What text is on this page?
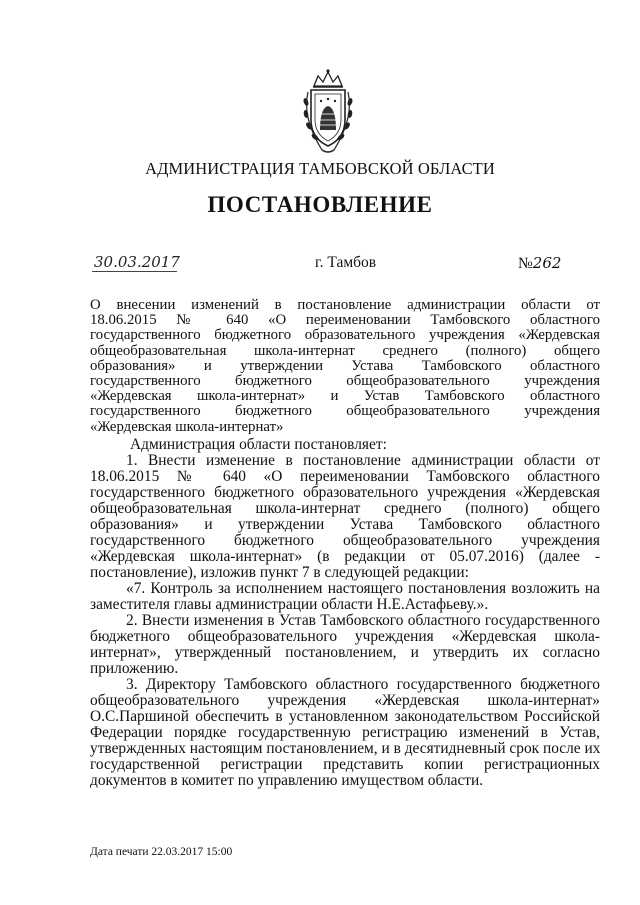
АДМИНИСТРАЦИЯ ТАМБОВСКОЙ ОБЛАСТИ
ПОСТАНОВЛЕНИЕ
30.03.2017	г. Тамбов	№262
О внесении изменений в постановление администрации области от
18.06.2015 № 640 «О переименовании Тамбовского областного
государственного бюджетного образовательного учреждения «Жердевская
общеобразовательная школа-интернат среднего (полного) общего
образования» и утверждении Устава Тамбовского областного
государственного бюджетного общеобразовательного учреждения
«Жердевская школа-интернат» и Устав Тамбовского областного
государственного бюджетного общеобразовательного учреждения
«Жердевская школа-интернат»
Администрация области постановляет:
1. Внести изменение в постановление администрации области от
18.06.2015 № 640 «О переименовании Тамбовского областного
государственного бюджетного образовательного учреждения «Жердевская
общеобразовательная школа-интернат среднего (полного) общего
образования» и утверждении Устава Тамбовского областного
государственного бюджетного общеобразовательного учреждения
«Жердевская школа-интернат» (в редакции от 05.07.2016) (далее -
постановление), изложив пункт 7 в следующей редакции:
«7. Контроль за исполнением настоящего постановления возложить на
заместителя главы администрации области Н.Е.Астафьеву.».
2. Внести изменения в Устав Тамбовского областного государственного
бюджетного общеобразовательного учреждения «Жердевская школа-
интернат», утвержденный постановлением, и утвердить их согласно
приложению.
3. Директору Тамбовского областного государственного бюджетного
общеобразовательного учреждения «Жердевская школа-интернат»
О.С.Паршиной обеспечить в установленном законодательством Российской
Федерации порядке государственную регистрацию изменений в Устав,
утвержденных настоящим постановлением, и в десятидневный срок после их
государственной регистрации представить копии регистрационных
документов в комитет по управлению имуществом области.
Дата печати 22.03.2017 15:00
